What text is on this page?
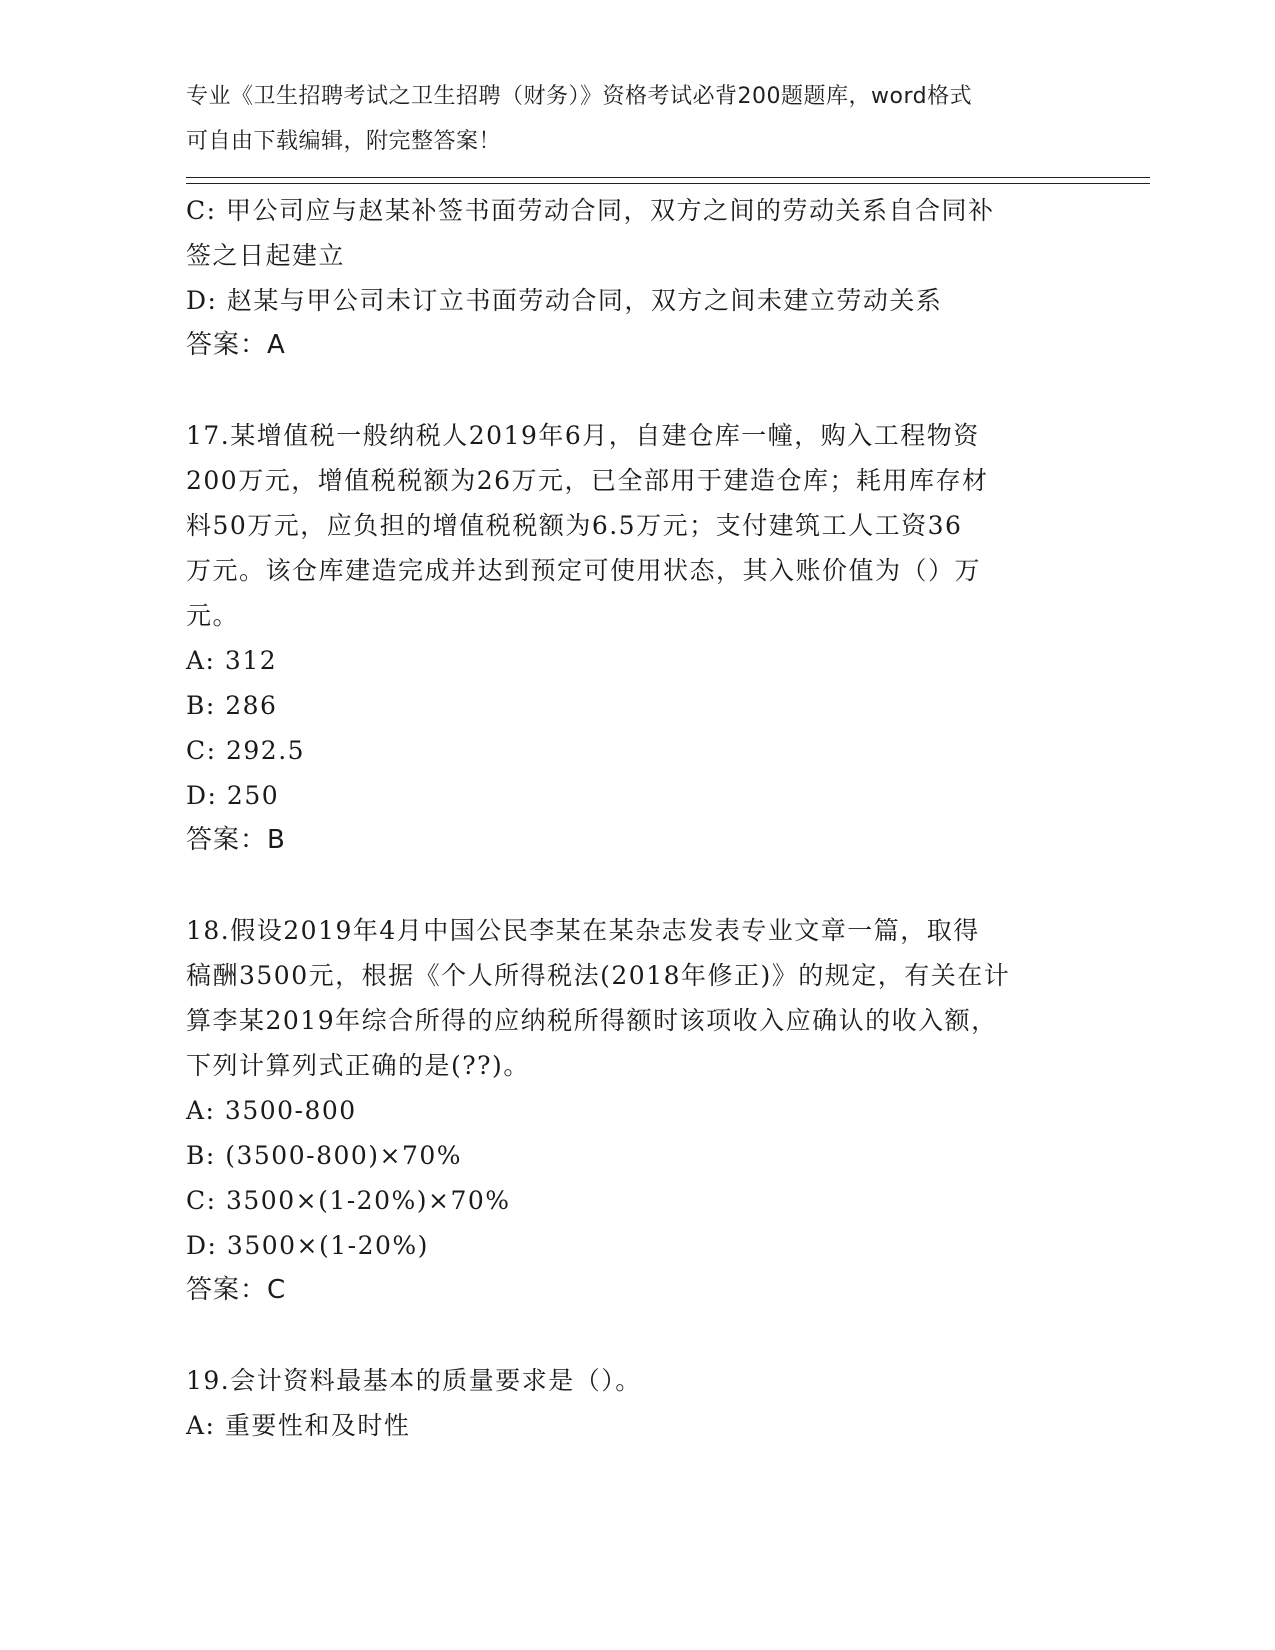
专业《卫生招聘考试之卫生招聘（财务）》资格考试必背200题题库，word格式
可自由下载编辑，附完整答案！
C: 甲公司应与赵某补签书面劳动合同，双方之间的劳动关系自合同补
签之日起建立
D: 赵某与甲公司未订立书面劳动合同，双方之间未建立劳动关系
答案：A
17.某增值税一般纳税人2019年6月，自建仓库一幢，购入工程物资
200万元，增值税税额为26万元，已全部用于建造仓库；耗用库存材
料50万元，应负担的增值税税额为6.5万元；支付建筑工人工资36
万元。该仓库建造完成并达到预定可使用状态，其入账价值为（）万
元。
A: 312
B: 286
C: 292.5
D: 250
答案：B
18.假设2019年4月中国公民李某在某杂志发表专业文章一篇，取得
稿酬3500元，根据《个人所得税法(2018年修正)》的规定，有关在计
算李某2019年综合所得的应纳税所得额时该项收入应确认的收入额，
下列计算列式正确的是(??)。
A: 3500-800
B: (3500-800)×70%
C: 3500×(1-20%)×70%
D: 3500×(1-20%)
答案：C
19.会计资料最基本的质量要求是（）。
A: 重要性和及时性
